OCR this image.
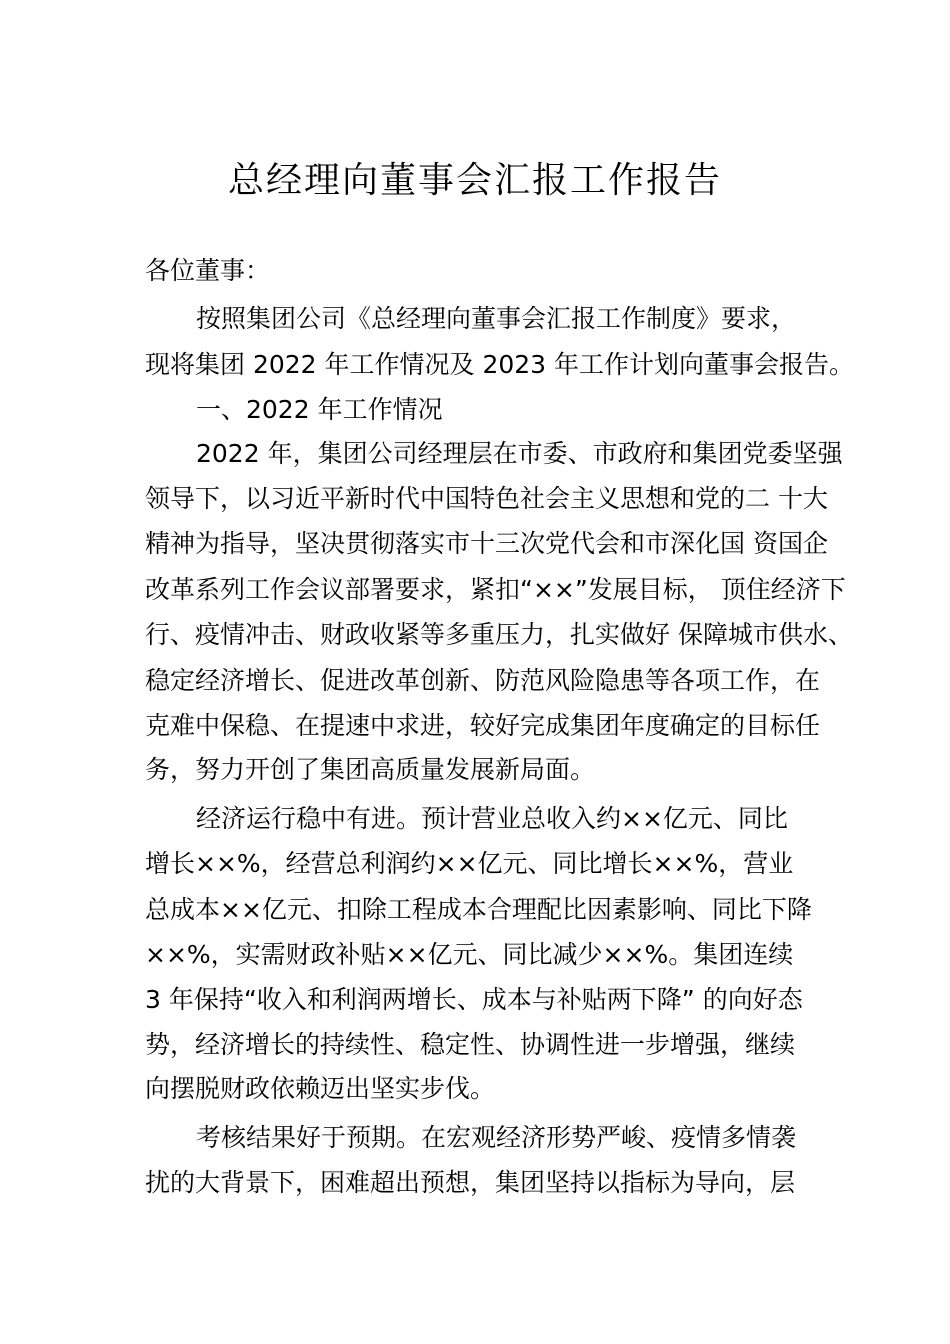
总经理向董事会汇报工作报告
各位董事：
按照集团公司《总经理向董事会汇报工作制度》要求，
现将集团 2022 年工作情况及 2023 年工作计划向董事会报告。
一、2022 年工作情况
2022 年，集团公司经理层在市委、市政府和集团党委坚强
领导下，以习近平新时代中国特色社会主义思想和党的二 十大
精神为指导，坚决贯彻落实市十三次党代会和市深化国 资国企
改革系列工作会议部署要求，紧扣“××”发展目标， 顶住经济下
行、疫情冲击、财政收紧等多重压力，扎实做好 保障城市供水、
稳定经济增长、促进改革创新、防范风险隐患等各项工作，在
克难中保稳、在提速中求进，较好完成集团年度确定的目标任
务，努力开创了集团高质量发展新局面。
经济运行稳中有进。预计营业总收入约××亿元、同比
增长××%，经营总利润约××亿元、同比增长××%，营业
总成本××亿元、扣除工程成本合理配比因素影响、同比下降
××%，实需财政补贴××亿元、同比减少××%。集团连续
3 年保持“收入和利润两增长、成本与补贴两下降” 的向好态
势，经济增长的持续性、稳定性、协调性进一步增强，继续
向摆脱财政依赖迈出坚实步伐。
考核结果好于预期。在宏观经济形势严峻、疫情多情袭
扰的大背景下，困难超出预想，集团坚持以指标为导向，层
